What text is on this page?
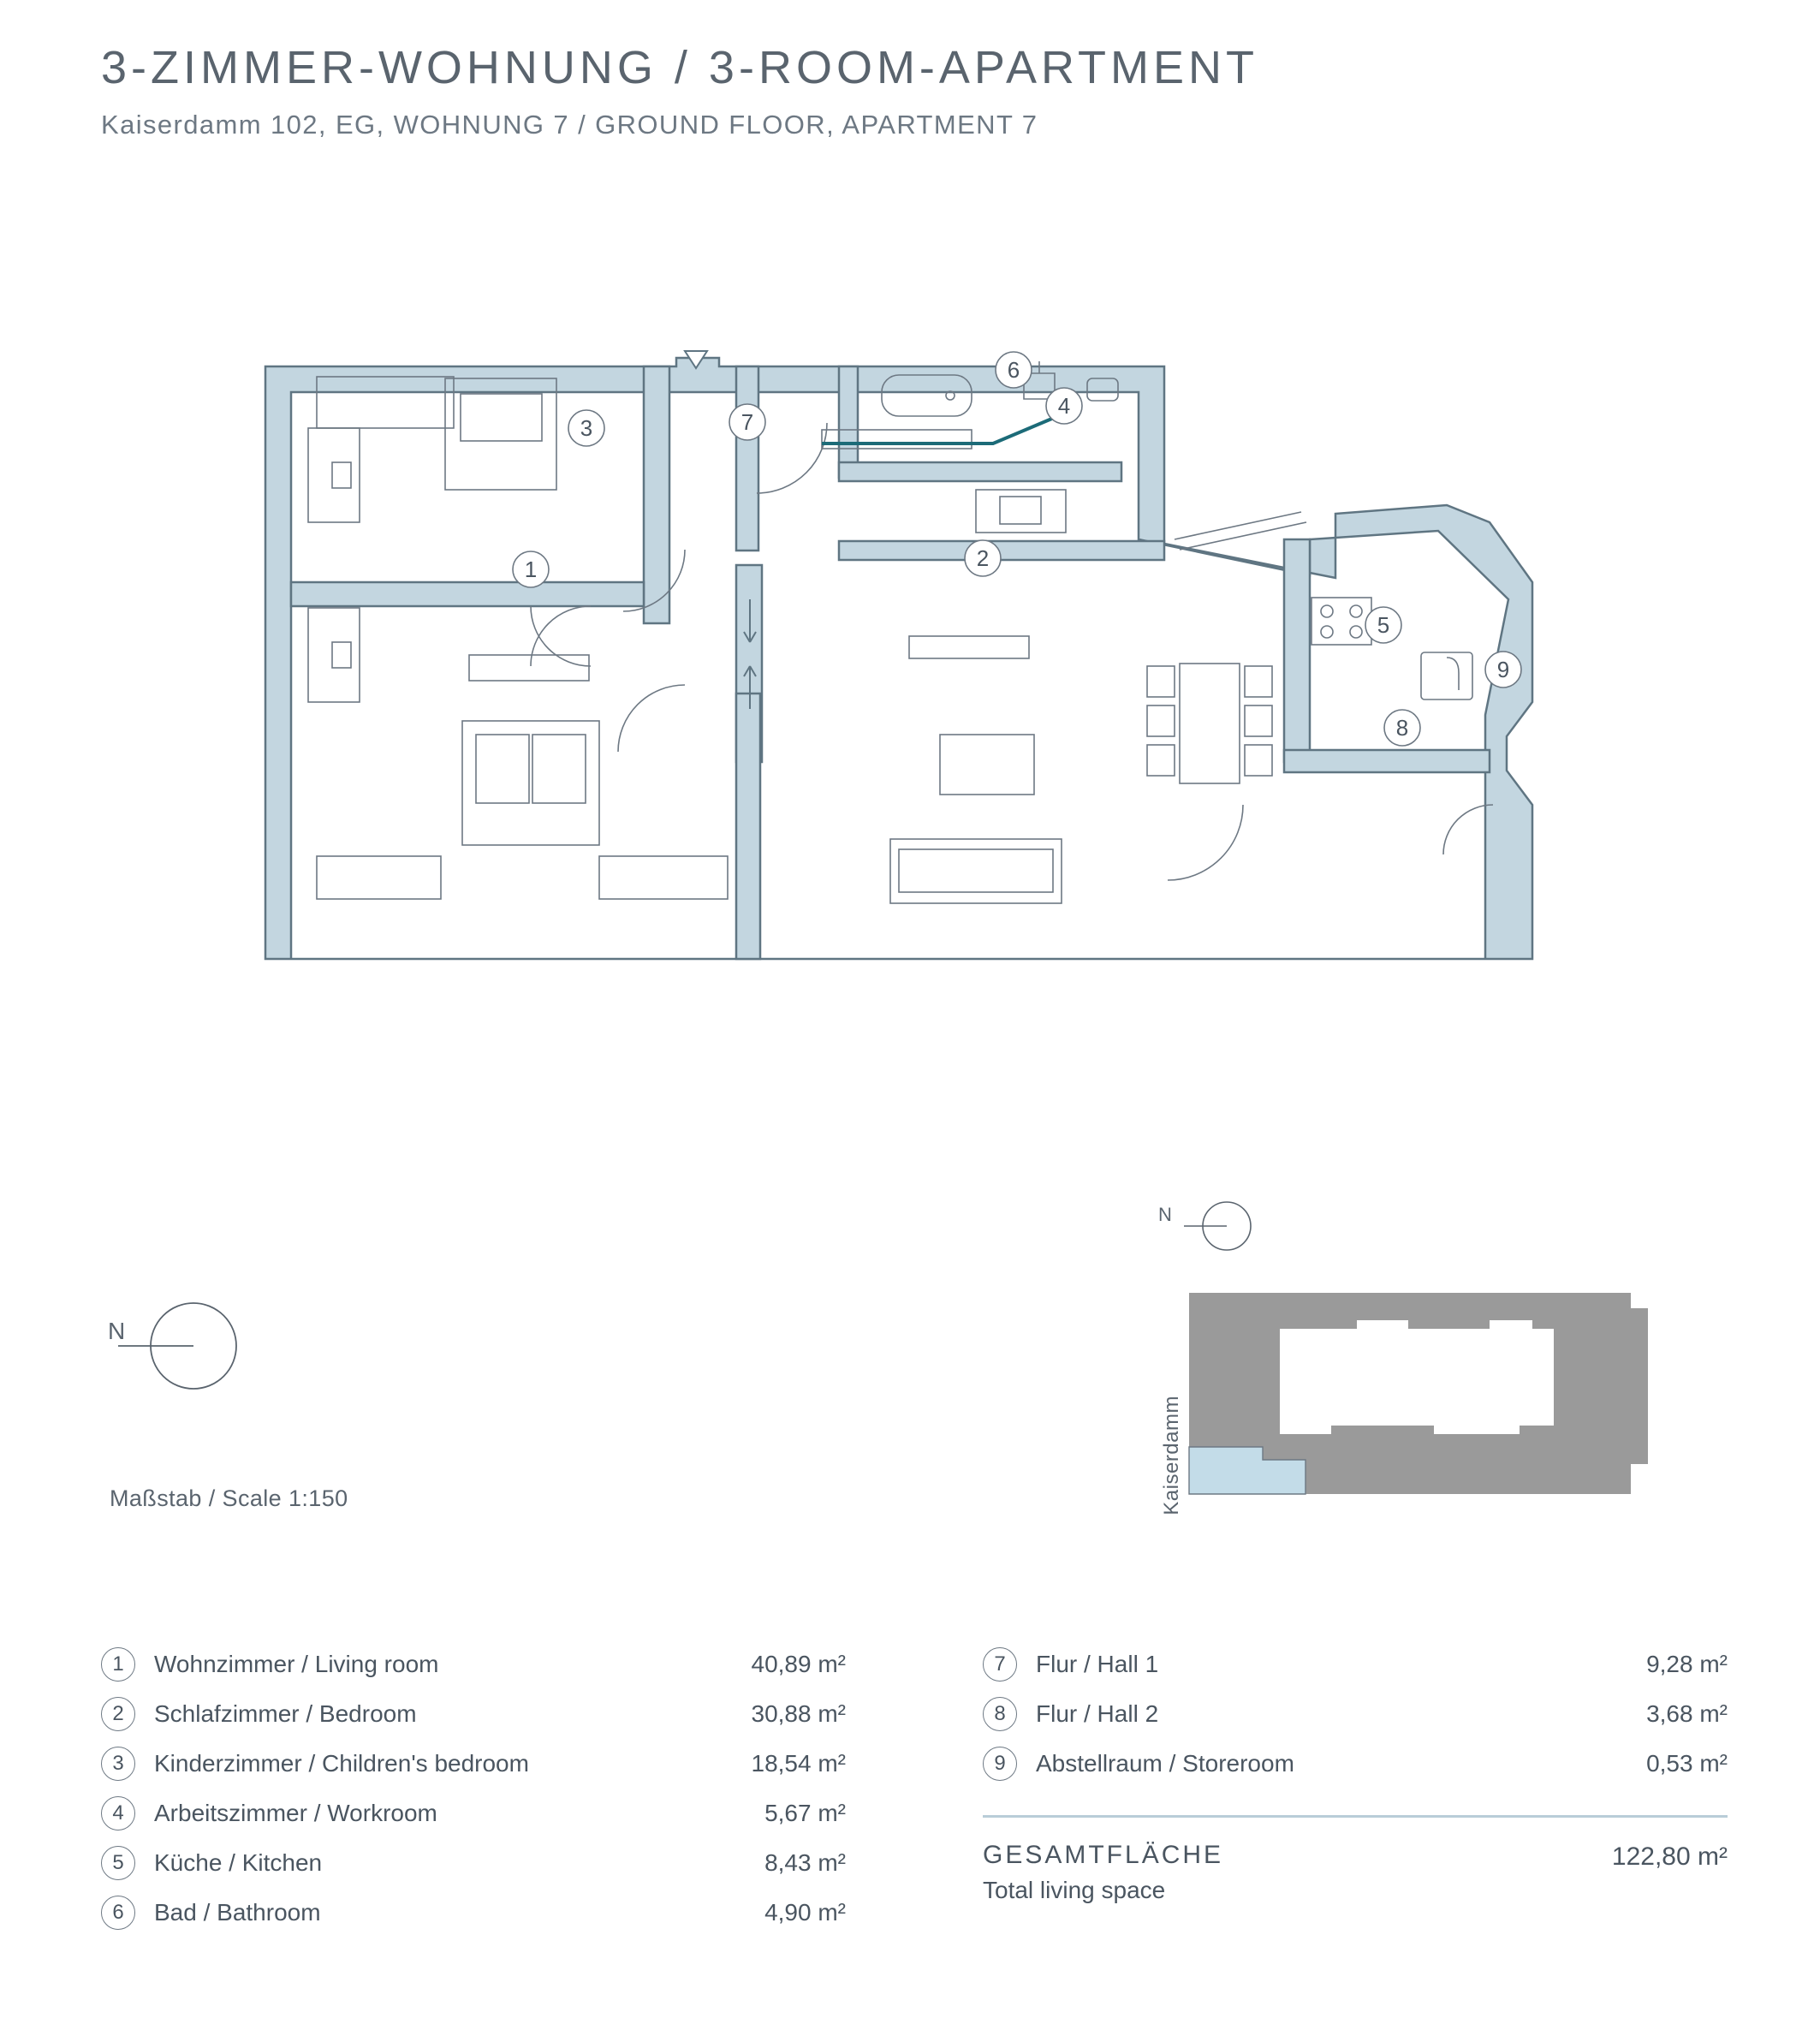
3-ZIMMER-WOHNUNG / 3-ROOM-APARTMENT
Kaiserdamm 102, EG, WOHNUNG 7 / GROUND FLOOR, APARTMENT 7
1	2
3
4
5
6
7
8
9
N
Maßstab / Scale 1:150
N
Kaiserdamm
1	Wohnzimmer / Living room	40,89 m²
2	Schlafzimmer / Bedroom	30,88 m²
3	Kinderzimmer / Children's bedroom	18,54 m²
4	Arbeitszimmer / Workroom	5,67 m²
5	Küche / Kitchen	8,43 m²
6	Bad / Bathroom	4,90 m²
7	Flur / Hall 1	9,28 m²
8	Flur / Hall 2	3,68 m²
9	Abstellraum / Storeroom	0,53 m²
GESAMTFLÄCHE
Total living space
122,80 m²
